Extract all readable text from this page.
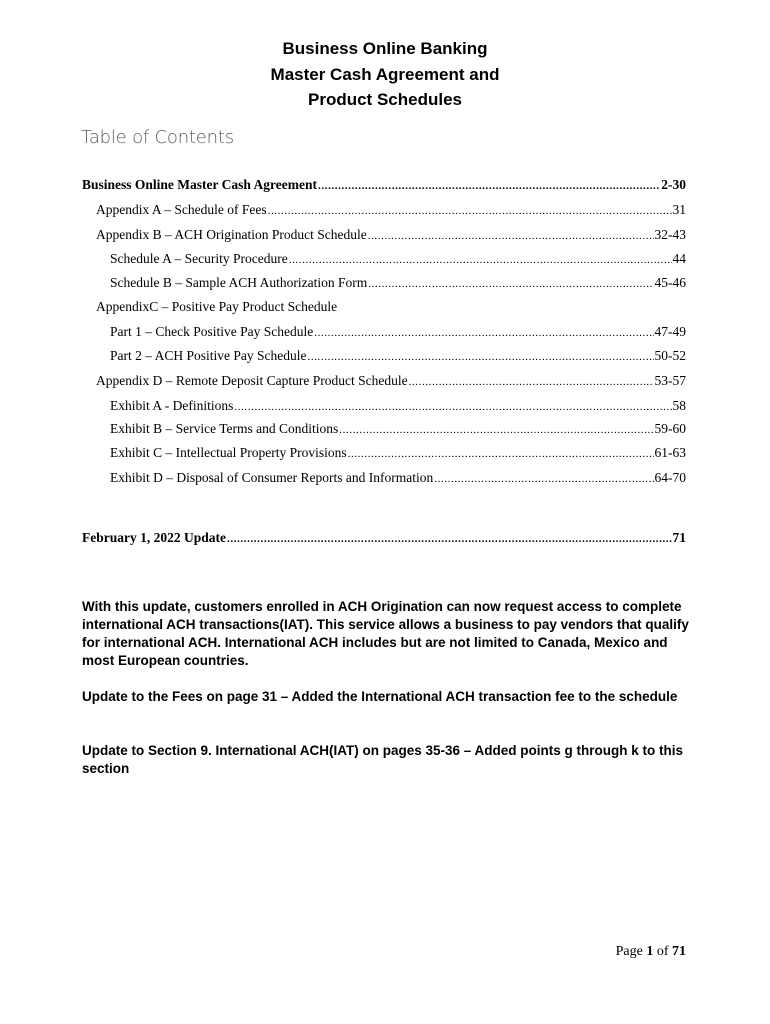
Business Online Banking
Master Cash Agreement and
Product Schedules
Table of Contents
Business Online Master Cash Agreement .....	2-30
Appendix A – Schedule of Fees .....	31
Appendix B – ACH Origination Product Schedule .....	32-43
Schedule A – Security Procedure .....	44
Schedule B – Sample ACH Authorization Form .....	45-46
AppendixC – Positive Pay Product Schedule
Part 1 – Check Positive Pay Schedule .....	47-49
Part 2 – ACH Positive Pay Schedule .....	50-52
Appendix D – Remote Deposit Capture Product Schedule .....	53-57
Exhibit A - Definitions .....	58
Exhibit B – Service Terms and Conditions .....	59-60
Exhibit C – Intellectual Property Provisions .....	61-63
Exhibit D – Disposal of Consumer Reports and Information .....	64-70
February 1, 2022 Update .....	71
With this update, customers enrolled in ACH Origination can now request access to complete international ACH transactions(IAT). This service allows a business to pay vendors that qualify for international ACH. International ACH includes but are not limited to Canada, Mexico and most European countries.
Update to the Fees on page 31 – Added the International ACH transaction fee to the schedule
Update to Section 9. International ACH(IAT) on pages 35-36 – Added points g through k to this section
Page 1 of 71
